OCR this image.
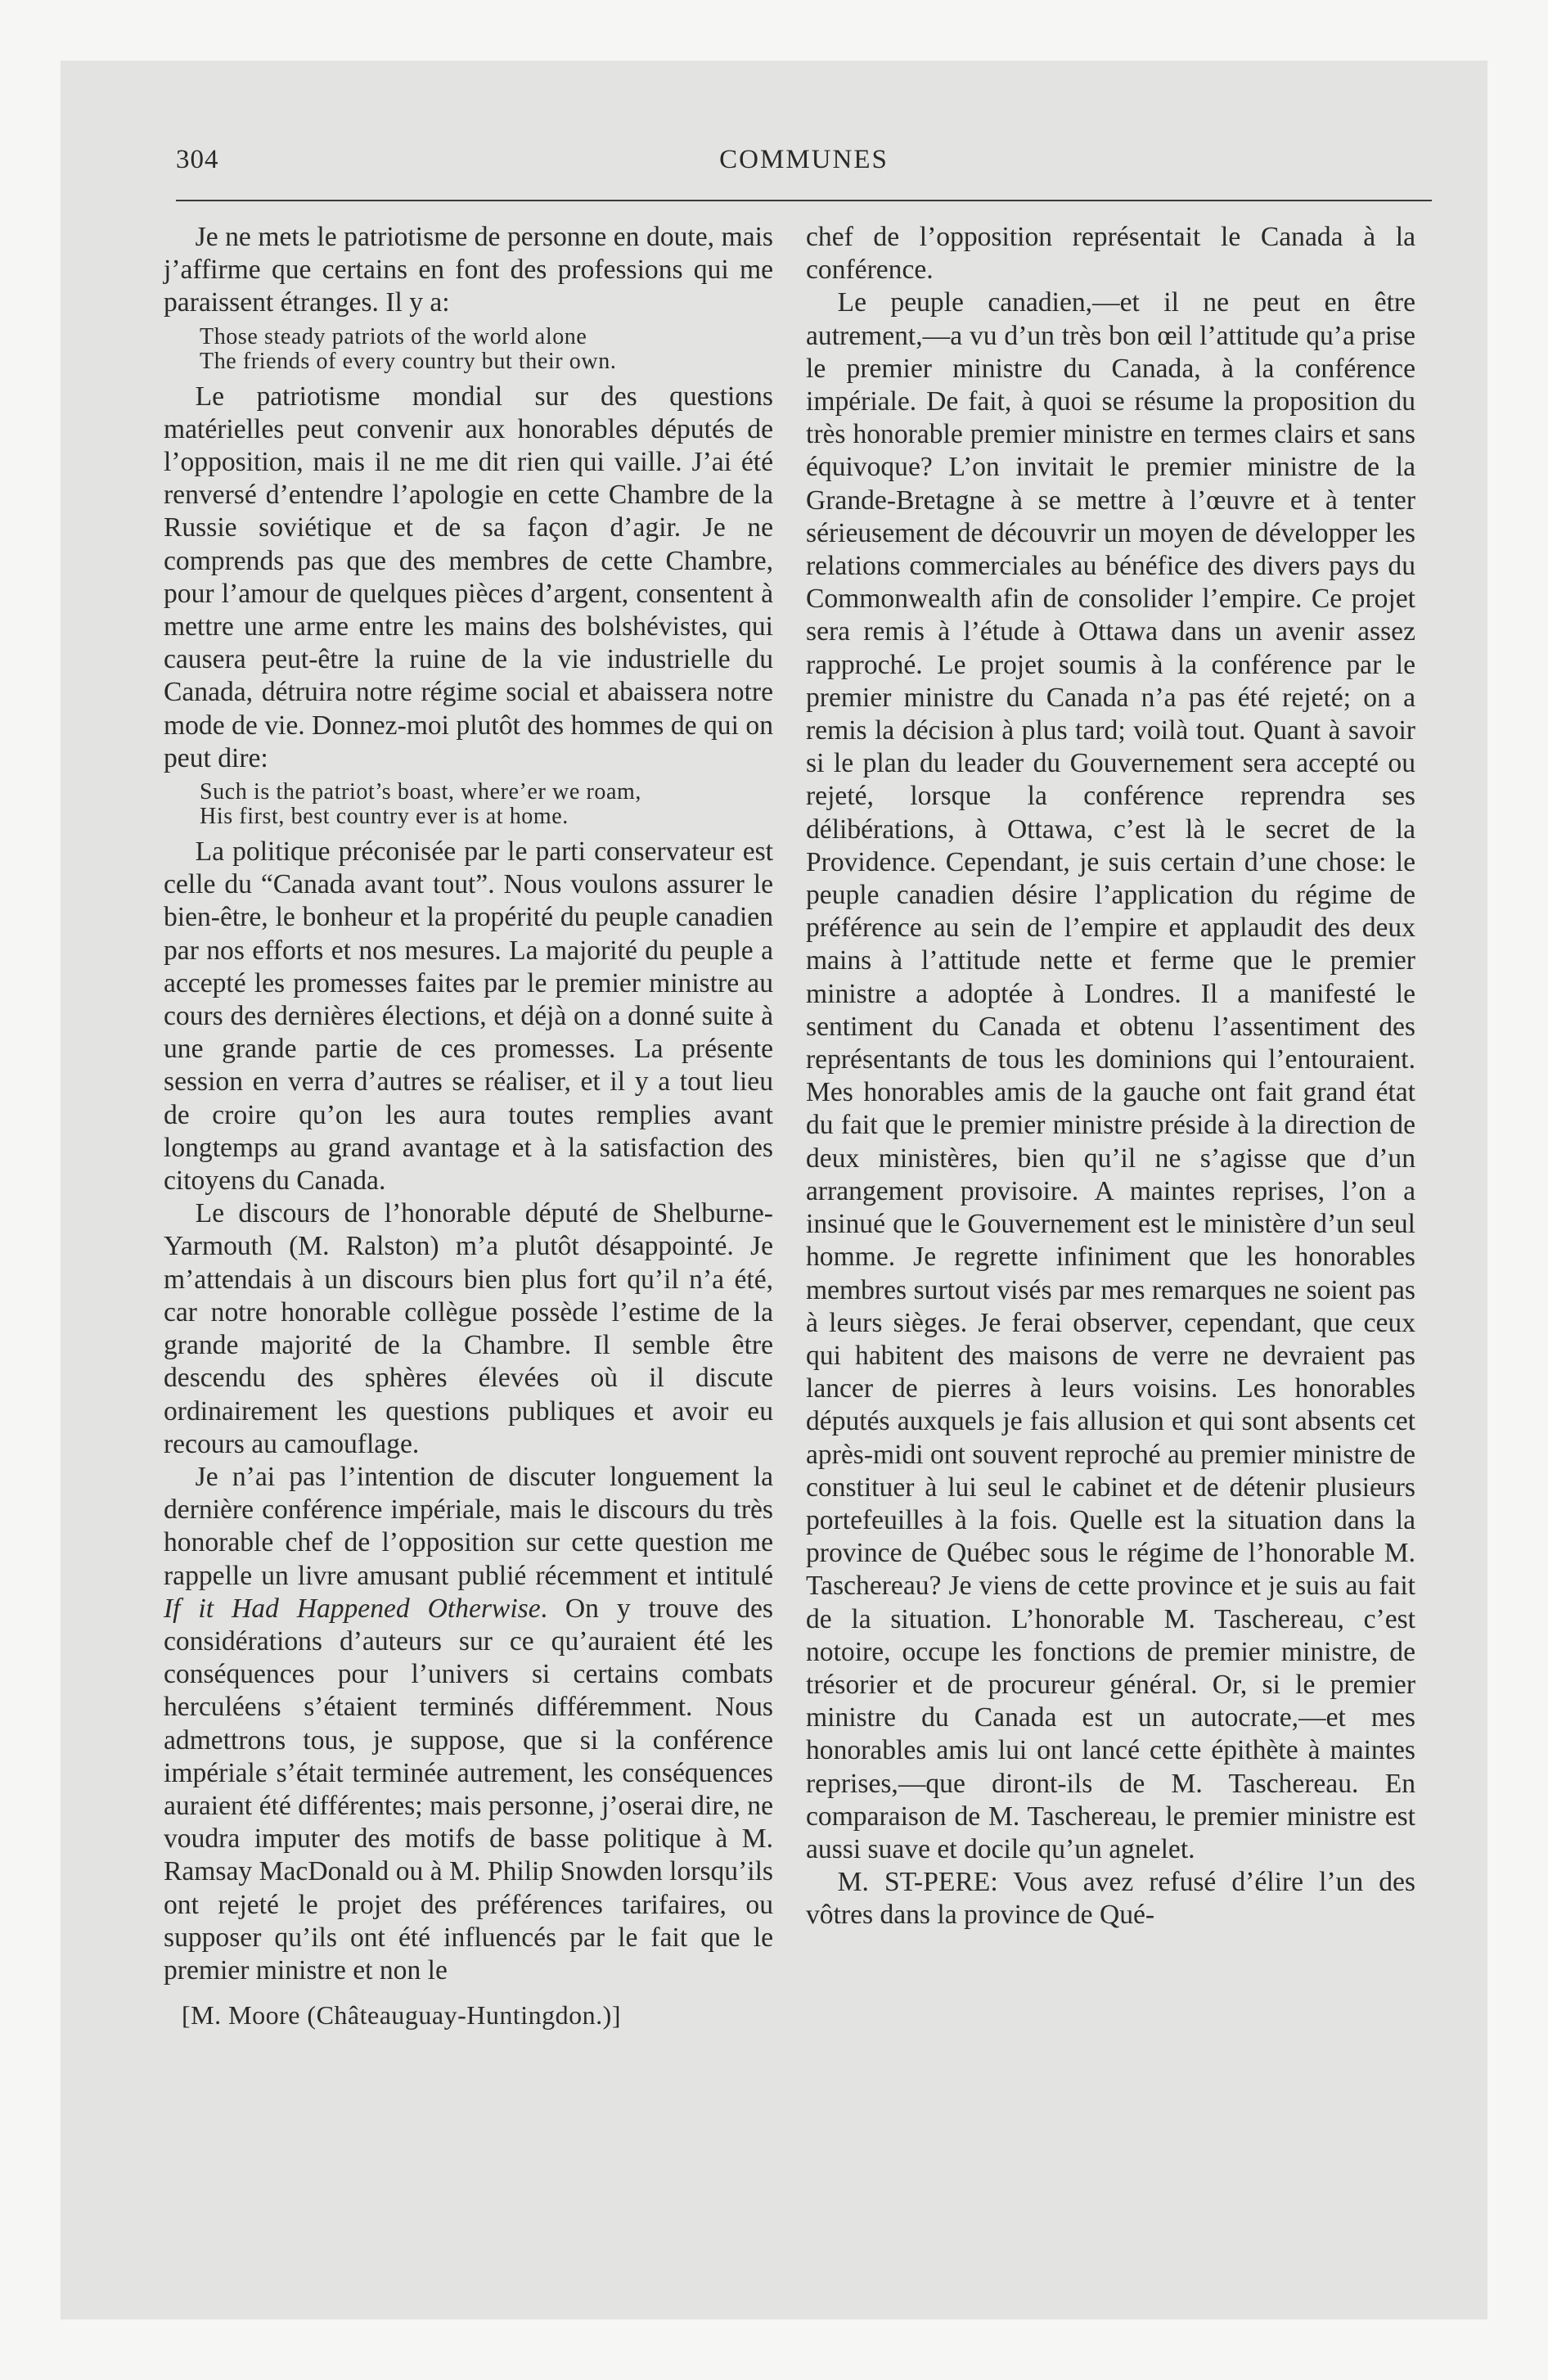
304	COMMUNES

Je ne mets le patriotisme de personne en doute, mais j’affirme que certains en font des professions qui me paraissent étranges. Il y a:

Those steady patriots of the world alone
The friends of every country but their own.

Le patriotisme mondial sur des questions matérielles peut convenir aux honorables députés de l’opposition, mais il ne me dit rien qui vaille. J’ai été renversé d’entendre l’apologie en cette Chambre de la Russie soviétique et de sa façon d’agir. Je ne comprends pas que des membres de cette Chambre, pour l’amour de quelques pièces d’argent, consentent à mettre une arme entre les mains des bolshévistes, qui causera peut-être la ruine de la vie industrielle du Canada, détruira notre régime social et abaissera notre mode de vie. Donnez-moi plutôt des hommes de qui on peut dire:

Such is the patriot’s boast, where’er we roam,
His first, best country ever is at home.

La politique préconisée par le parti conservateur est celle du “Canada avant tout”. Nous voulons assurer le bien-être, le bonheur et la propérité du peuple canadien par nos efforts et nos mesures. La majorité du peuple a accepté les promesses faites par le premier ministre au cours des dernières élections, et déjà on a donné suite à une grande partie de ces promesses. La présente session en verra d’autres se réaliser, et il y a tout lieu de croire qu’on les aura toutes remplies avant longtemps au grand avantage et à la satisfaction des citoyens du Canada.

Le discours de l’honorable député de Shelburne-Yarmouth (M. Ralston) m’a plutôt désappointé. Je m’attendais à un discours bien plus fort qu’il n’a été, car notre honorable collègue possède l’estime de la grande majorité de la Chambre. Il semble être descendu des sphères élevées où il discute ordinairement les questions publiques et avoir eu recours au camouflage.

Je n’ai pas l’intention de discuter longuement la dernière conférence impériale, mais le discours du très honorable chef de l’opposition sur cette question me rappelle un livre amusant publié récemment et intitulé If it Had Happened Otherwise. On y trouve des considérations d’auteurs sur ce qu’auraient été les conséquences pour l’univers si certains combats herculéens s’étaient terminés différemment. Nous admettrons tous, je suppose, que si la conférence impériale s’était terminée autrement, les conséquences auraient été différentes; mais personne, j’oserai dire, ne voudra imputer des motifs de basse politique à M. Ramsay MacDonald ou à M. Philip Snowden lorsqu’ils ont rejeté le projet des préférences tarifaires, ou supposer qu’ils ont été influencés par le fait que le premier ministre et non le

[M. Moore (Châteauguay-Huntingdon.)]

chef de l’opposition représentait le Canada à la conférence.

Le peuple canadien,—et il ne peut en être autrement,—a vu d’un très bon œil l’attitude qu’a prise le premier ministre du Canada, à la conférence impériale. De fait, à quoi se résume la proposition du très honorable premier ministre en termes clairs et sans équivoque? L’on invitait le premier ministre de la Grande-Bretagne à se mettre à l’œuvre et à tenter sérieusement de découvrir un moyen de développer les relations commerciales au bénéfice des divers pays du Commonwealth afin de consolider l’empire. Ce projet sera remis à l’étude à Ottawa dans un avenir assez rapproché. Le projet soumis à la conférence par le premier ministre du Canada n’a pas été rejeté; on a remis la décision à plus tard; voilà tout. Quant à savoir si le plan du leader du Gouvernement sera accepté ou rejeté, lorsque la conférence reprendra ses délibérations, à Ottawa, c’est là le secret de la Providence. Cependant, je suis certain d’une chose: le peuple canadien désire l’application du régime de préférence au sein de l’empire et applaudit des deux mains à l’attitude nette et ferme que le premier ministre a adoptée à Londres. Il a manifesté le sentiment du Canada et obtenu l’assentiment des représentants de tous les dominions qui l’entouraient. Mes honorables amis de la gauche ont fait grand état du fait que le premier ministre préside à la direction de deux ministères, bien qu’il ne s’agisse que d’un arrangement provisoire. A maintes reprises, l’on a insinué que le Gouvernement est le ministère d’un seul homme. Je regrette infiniment que les honorables membres surtout visés par mes remarques ne soient pas à leurs sièges. Je ferai observer, cependant, que ceux qui habitent des maisons de verre ne devraient pas lancer de pierres à leurs voisins. Les honorables députés auxquels je fais allusion et qui sont absents cet après-midi ont souvent reproché au premier ministre de constituer à lui seul le cabinet et de détenir plusieurs portefeuilles à la fois. Quelle est la situation dans la province de Québec sous le régime de l’honorable M. Taschereau? Je viens de cette province et je suis au fait de la situation. L’honorable M. Taschereau, c’est notoire, occupe les fonctions de premier ministre, de trésorier et de procureur général. Or, si le premier ministre du Canada est un autocrate,—et mes honorables amis lui ont lancé cette épithète à maintes reprises,—que diront-ils de M. Taschereau. En comparaison de M. Taschereau, le premier ministre est aussi suave et docile qu’un agnelet.

M. ST-PERE: Vous avez refusé d’élire l’un des vôtres dans la province de Qué-
